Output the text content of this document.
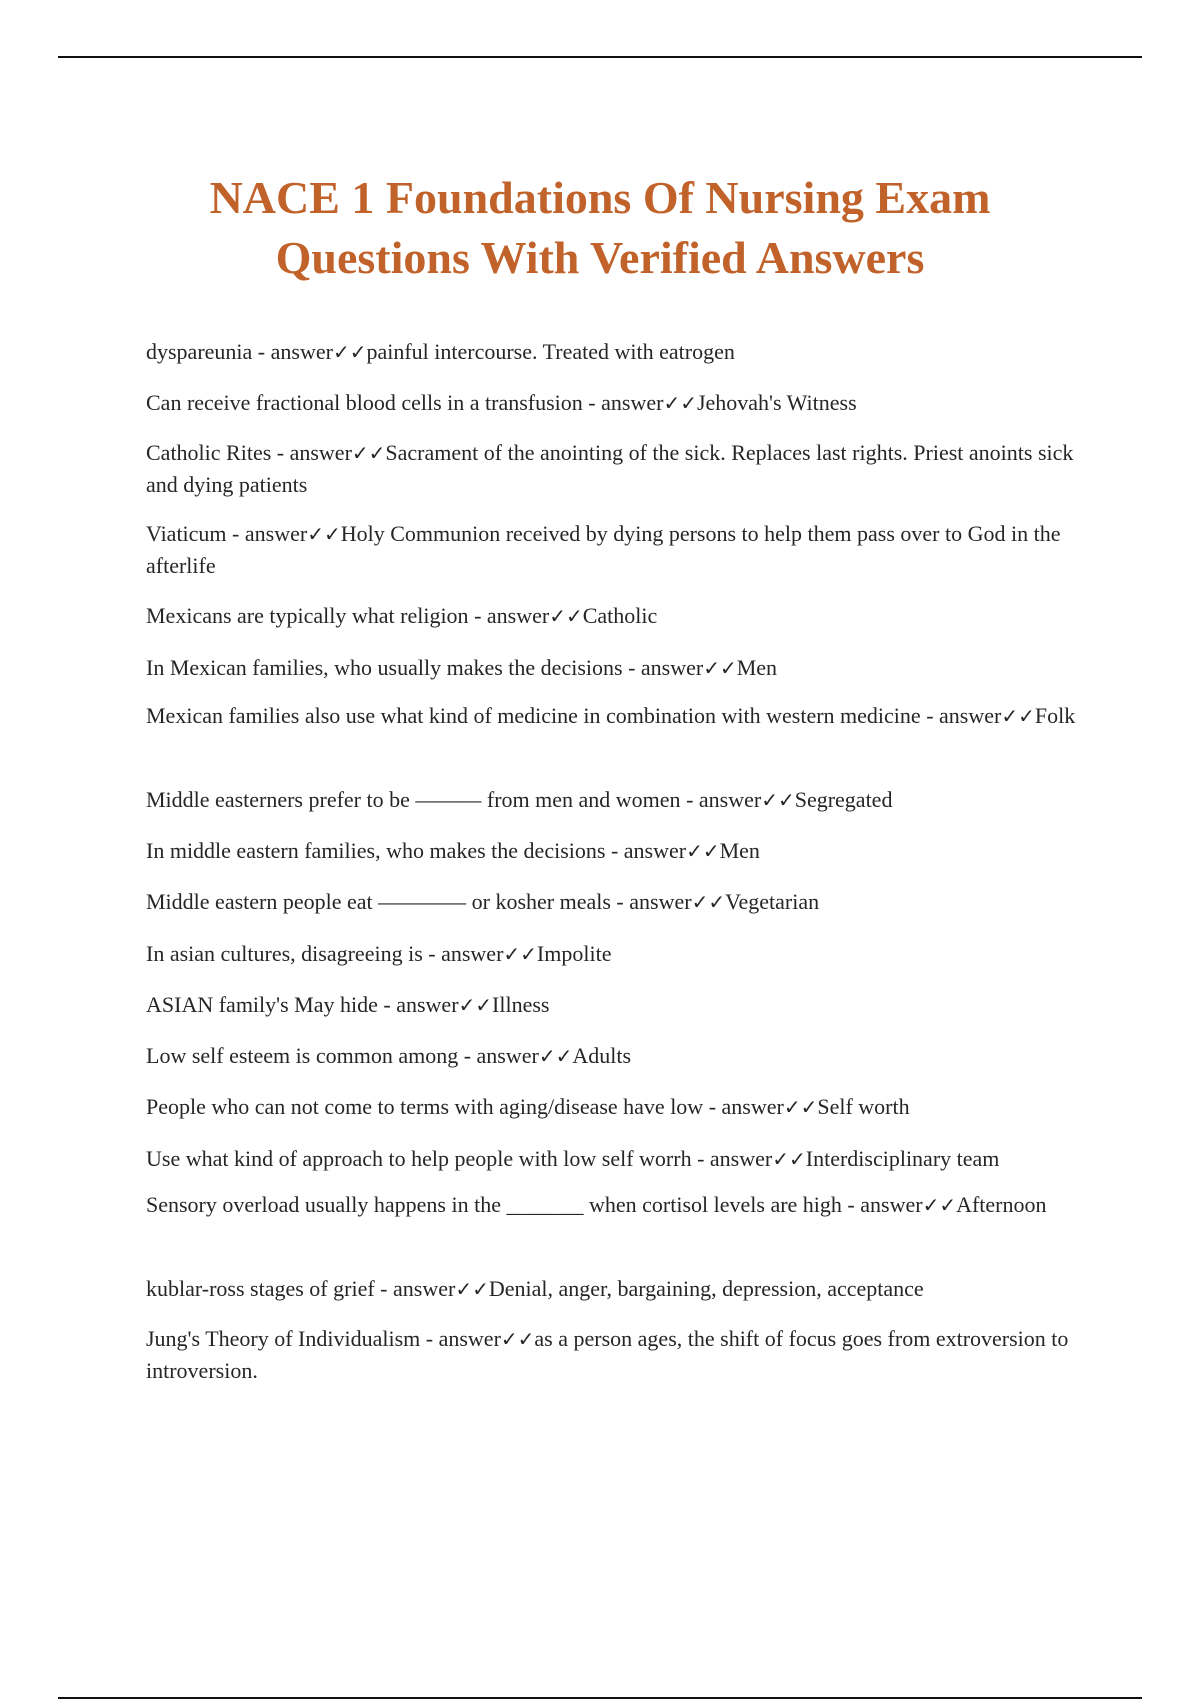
NACE 1 Foundations Of Nursing Exam
Questions With Verified Answers
dyspareunia - answer✓✓painful intercourse. Treated with eatrogen
Can receive fractional blood cells in a transfusion - answer✓✓Jehovah's Witness
Catholic Rites - answer✓✓Sacrament of the anointing of the sick. Replaces last rights. Priest anoints sick and dying patients
Viaticum - answer✓✓Holy Communion received by dying persons to help them pass over to God in the afterlife
Mexicans are typically what religion - answer✓✓Catholic
In Mexican families, who usually makes the decisions - answer✓✓Men
Mexican families also use what kind of medicine in combination with western medicine - answer✓✓Folk
Middle easterners prefer to be ——— from men and women - answer✓✓Segregated
In middle eastern families, who makes the decisions - answer✓✓Men
Middle eastern people eat ———— or kosher meals - answer✓✓Vegetarian
In asian cultures, disagreeing is - answer✓✓Impolite
ASIAN family's May hide - answer✓✓Illness
Low self esteem is common among - answer✓✓Adults
People who can not come to terms with aging/disease have low - answer✓✓Self worth
Use what kind of approach to help people with low self worrh - answer✓✓Interdisciplinary team
Sensory overload usually happens in the _______ when cortisol levels are high - answer✓✓Afternoon
kublar-ross stages of grief - answer✓✓Denial, anger, bargaining, depression, acceptance
Jung's Theory of Individualism - answer✓✓as a person ages, the shift of focus goes from extroversion to introversion.
